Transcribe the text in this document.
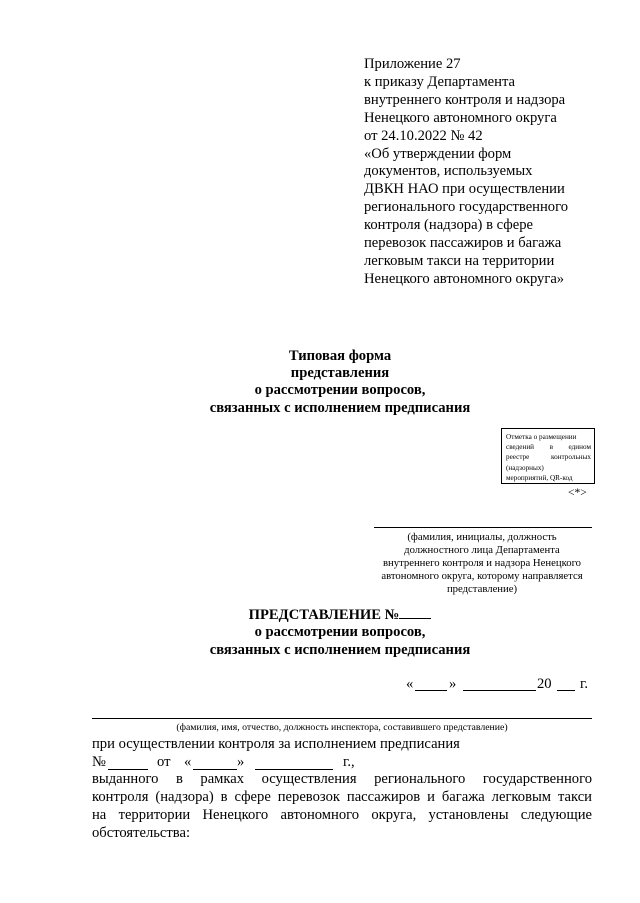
Приложение 27
к приказу Департамента
внутреннего контроля и надзора
Ненецкого автономного округа
от 24.10.2022 № 42
«Об утверждении форм
документов, используемых
ДВКН НАО при осуществлении
регионального государственного
контроля (надзора) в сфере
перевозок пассажиров и багажа
легковым такси на территории
Ненецкого автономного округа»
Типовая форма
представления
о рассмотрении вопросов,
связанных с исполнением предписания
Отметка о размещении
сведений в едином
реестре контрольных
(надзорных)
мероприятий, QR-код
<*>
(фамилия, инициалы, должность
должностного лица Департамента
внутреннего контроля и надзора Ненецкого
автономного округа, которому направляется
представление)
ПРЕДСТАВЛЕНИЕ №
о рассмотрении вопросов,
связанных с исполнением предписания
« »	20 г.
(фамилия, имя, отчество, должность инспектора, составившего представление)
при осуществлении контроля за исполнением предписания
№	от «	»	г.,
выданного в рамках осуществления регионального государственного
контроля (надзора) в сфере перевозок пассажиров и багажа легковым такси
на территории Ненецкого автономного округа, установлены следующие
обстоятельства:
